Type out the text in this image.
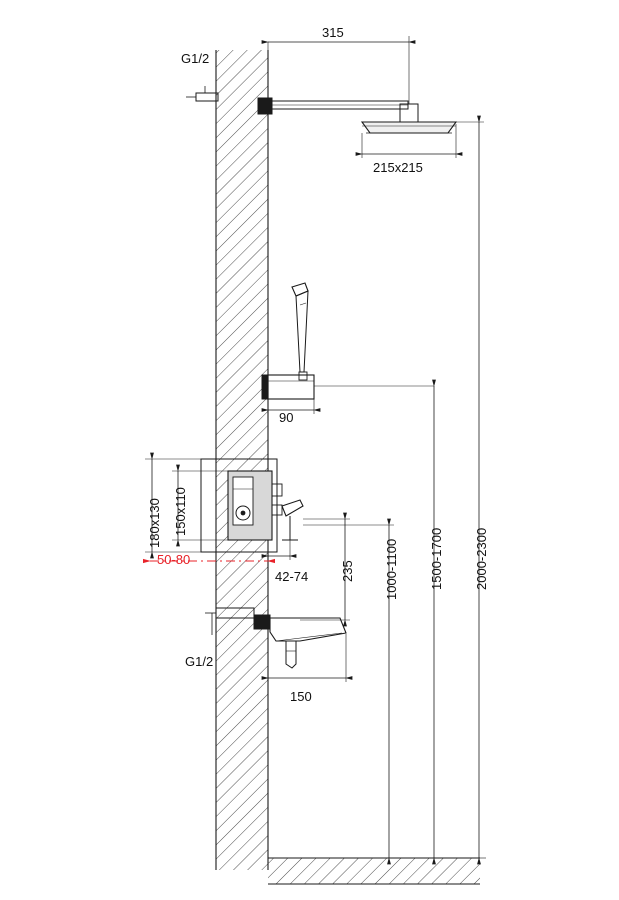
G1/2
315
215x215
90
180x130 150x110
50-80
42-74 235 1000-1100 1500-1700 2000-2300
G1/2
150
